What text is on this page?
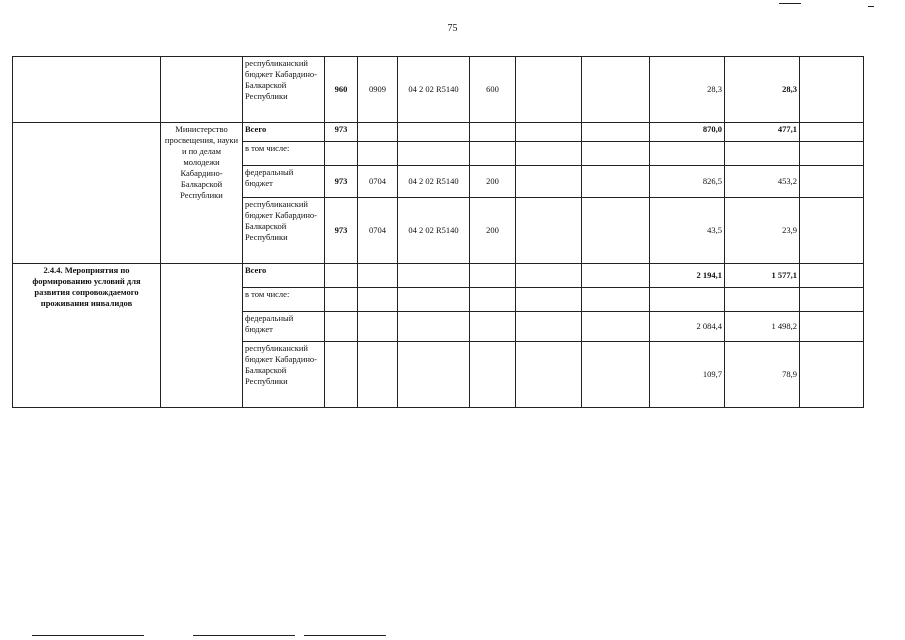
75
		республиканский бюджет Кабардино-Балкарской Республики	960	0909	04 2 02 R5140	600			28,3	28,3	
	Министерство просвещения, науки и по делам молодежи Кабардино-Балкарской Республики	Всего	973						870,0	477,1	
		в том числе:									
		федеральный бюджет	973	0704	04 2 02 R5140	200			826,5	453,2	
		республиканский бюджет Кабардино-Балкарской Республики	973	0704	04 2 02 R5140	200			43,5	23,9	
2.4.4. Мероприятия по формированию условий для развития сопровождаемого проживания инвалидов		Всего							2 194,1	1 577,1	
		в том числе:									
		федеральный бюджет							2 084,4	1 498,2	
		республиканский бюджет Кабардино-Балкарской Республики							109,7	78,9	
